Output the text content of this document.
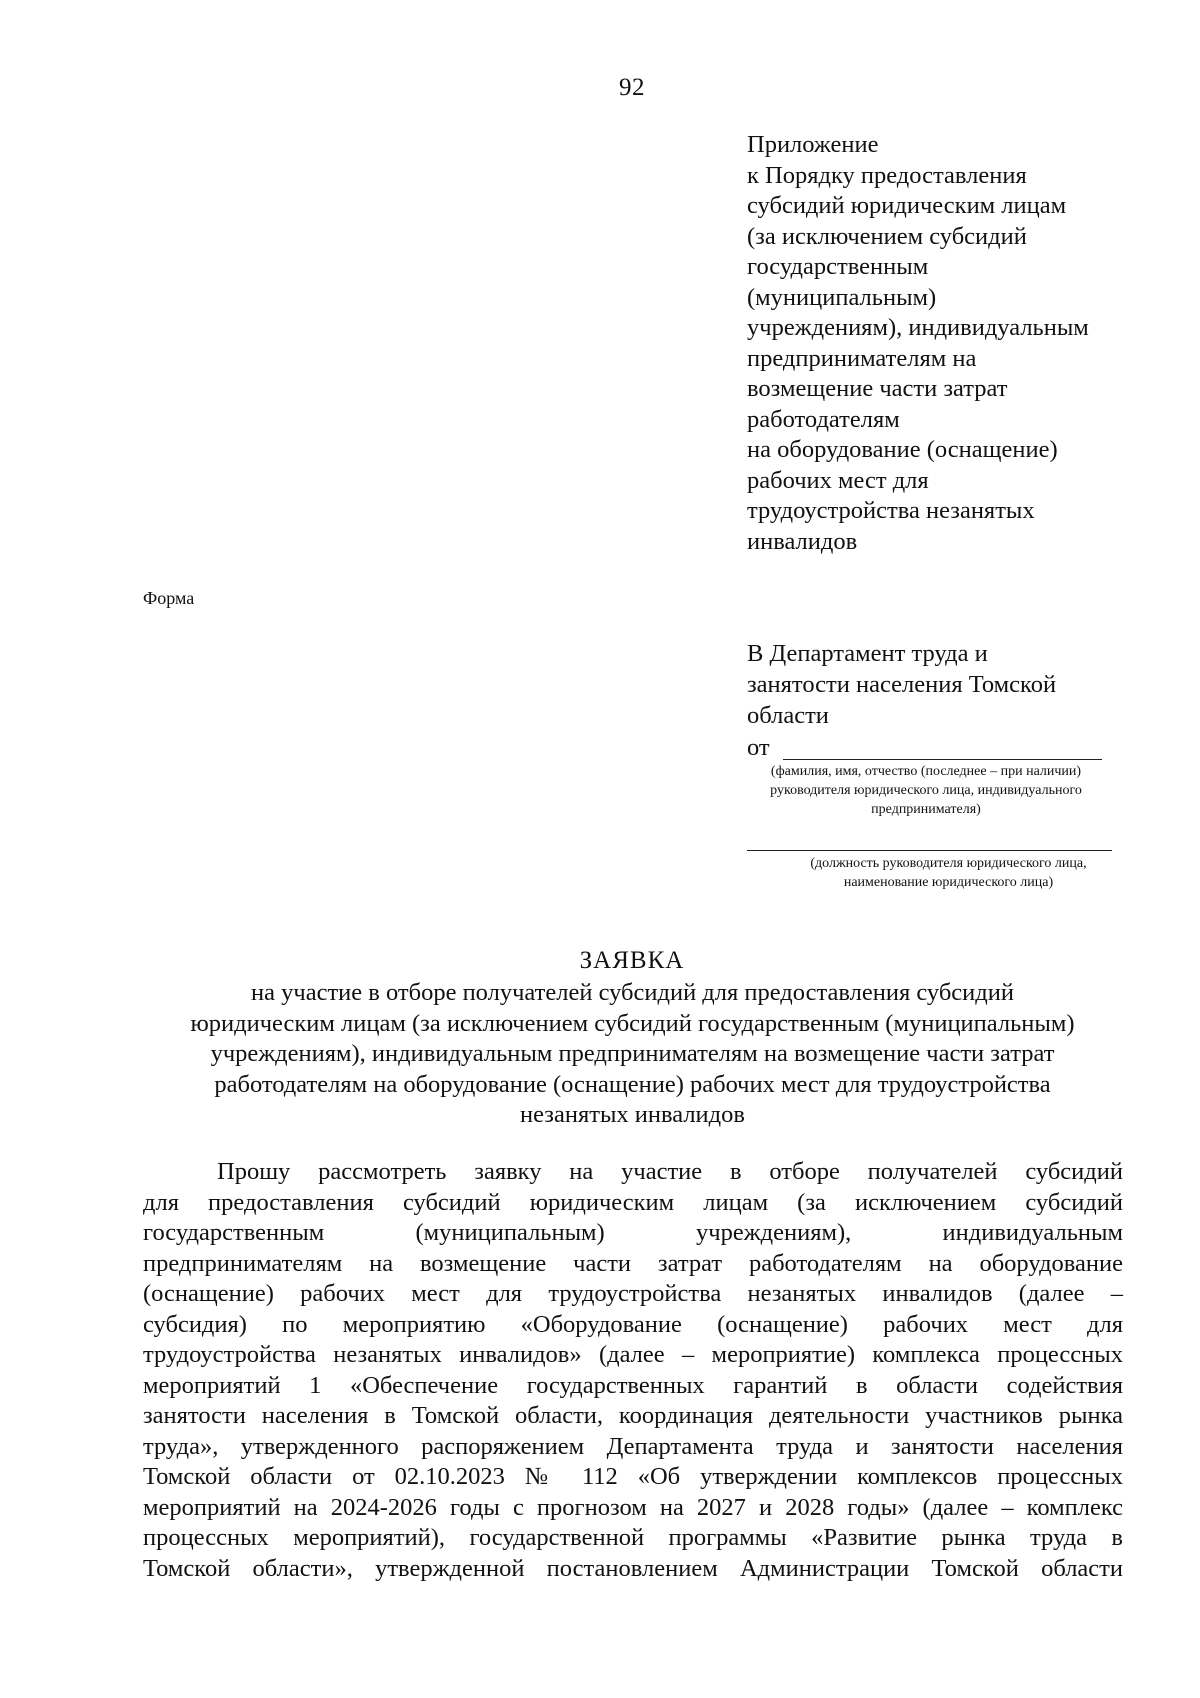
92
Приложение
к Порядку предоставления
субсидий юридическим лицам
(за исключением субсидий
государственным
(муниципальным)
учреждениям), индивидуальным
предпринимателям на
возмещение части затрат
работодателям
на оборудование (оснащение)
рабочих мест для
трудоустройства незанятых
инвалидов
Форма
В Департамент труда и
занятости населения Томской
области
от
(фамилия, имя, отчество (последнее – при наличии)
руководителя юридического лица, индивидуального
предпринимателя)
(должность руководителя юридического лица,
наименование юридического лица)
ЗАЯВКА
на участие в отборе получателей субсидий для предоставления субсидий
юридическим лицам (за исключением субсидий государственным (муниципальным)
учреждениям), индивидуальным предпринимателям на возмещение части затрат
работодателям на оборудование (оснащение) рабочих мест для трудоустройства
незанятых инвалидов
Прошу рассмотреть заявку на участие в отборе получателей субсидий
для предоставления субсидий юридическим лицам (за исключением субсидий
государственным (муниципальным) учреждениям), индивидуальным
предпринимателям на возмещение части затрат работодателям на оборудование
(оснащение) рабочих мест для трудоустройства незанятых инвалидов (далее –
субсидия) по мероприятию «Оборудование (оснащение) рабочих мест для
трудоустройства незанятых инвалидов» (далее – мероприятие) комплекса процессных
мероприятий 1 «Обеспечение государственных гарантий в области содействия
занятости населения в Томской области, координация деятельности участников рынка
труда», утвержденного распоряжением Департамента труда и занятости населения
Томской области от 02.10.2023 № 112 «Об утверждении комплексов процессных
мероприятий на 2024-2026 годы с прогнозом на 2027 и 2028 годы» (далее – комплекс
процессных мероприятий), государственной программы «Развитие рынка труда в
Томской области», утвержденной постановлением Администрации Томской области
